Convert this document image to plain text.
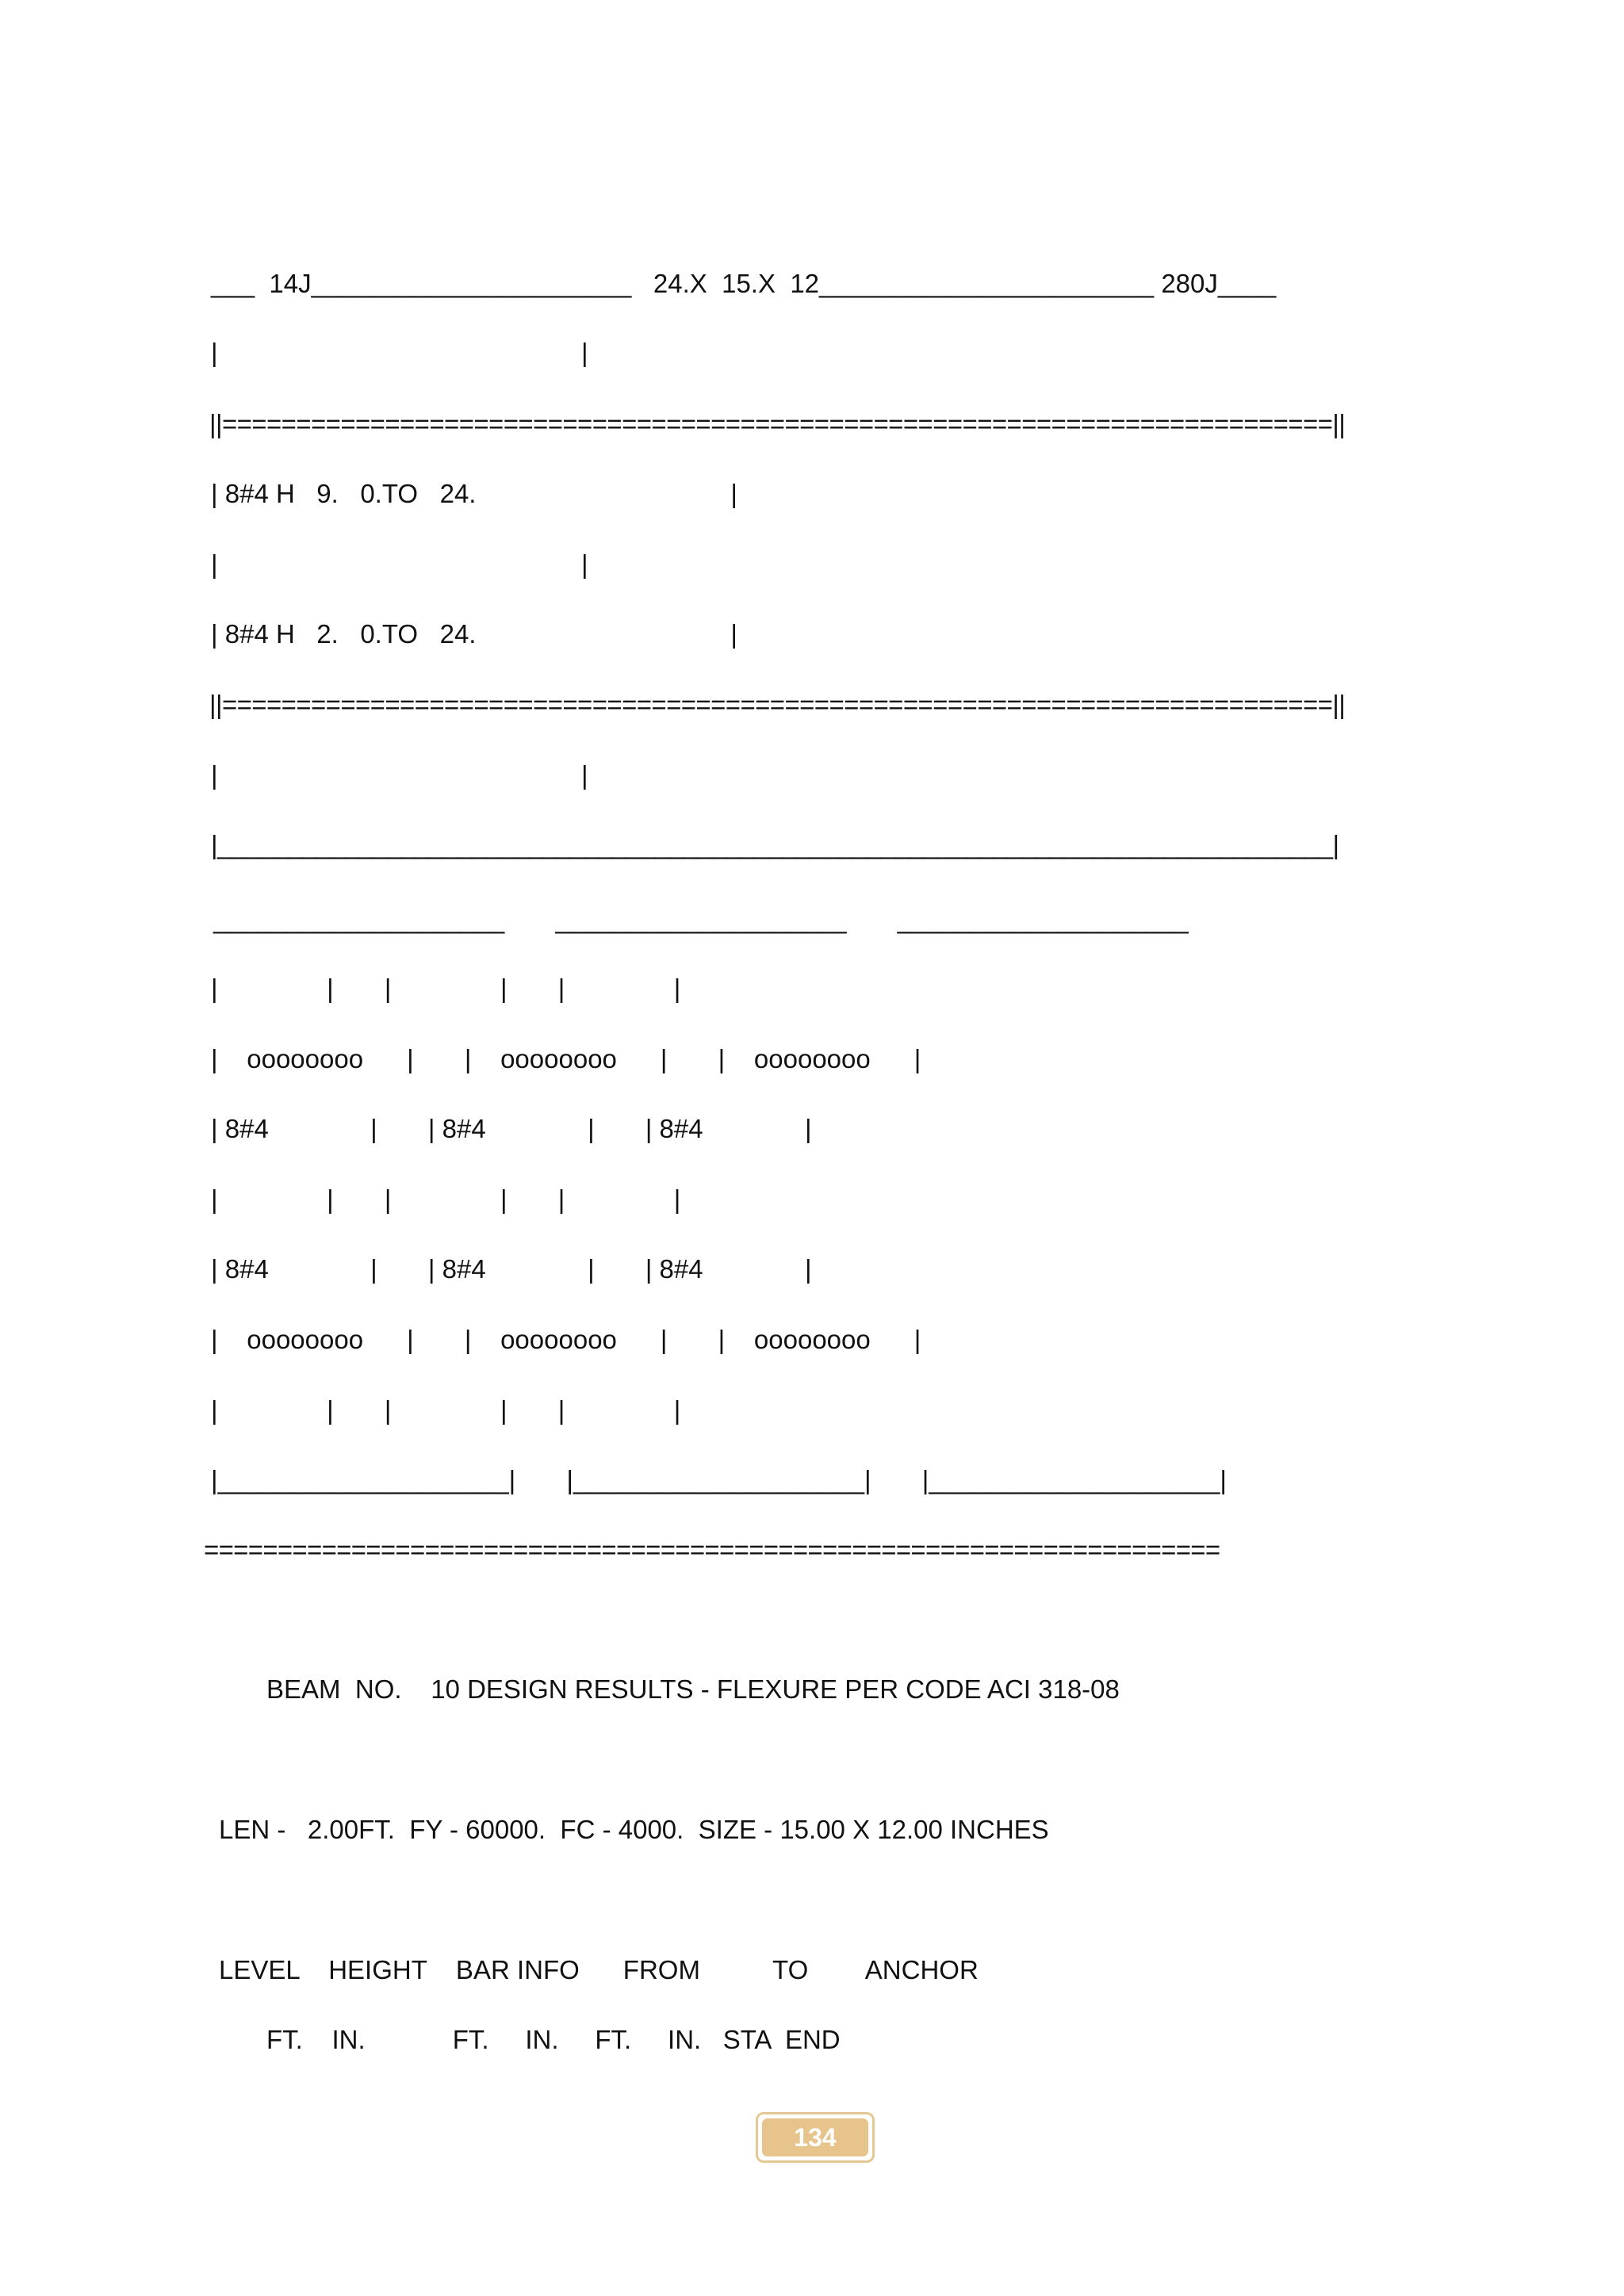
___  14J______________________   24.X  15.X  12_______________________ 280J____
|                                                  |
||===========================================================================||
| 8#4 H   9.   0.TO   24.                                   |
|                                                  |
| 8#4 H   2.   0.TO   24.                                   |
||===========================================================================||
|                                                  |
|_______________________________________________________________________________|
____________________       ____________________       ____________________
|               |       |               |       |               |
|    oooooooo      |       |    oooooooo      |       |    oooooooo      |
| 8#4              |       | 8#4              |       | 8#4              |
|               |       |               |       |               |
| 8#4              |       | 8#4              |       | 8#4              |
|    oooooooo      |       |    oooooooo      |       |    oooooooo      |
|               |       |               |       |               |
|____________________|       |____________________|       |____________________|
=====================================================================
BEAM  NO.    10 DESIGN RESULTS - FLEXURE PER CODE ACI 318-08
LEN -   2.00FT.  FY - 60000.  FC - 4000.  SIZE - 15.00 X 12.00 INCHES
LEVEL    HEIGHT    BAR INFO      FROM          TO        ANCHOR
FT.    IN.            FT.     IN.     FT.     IN.   STA  END
134
